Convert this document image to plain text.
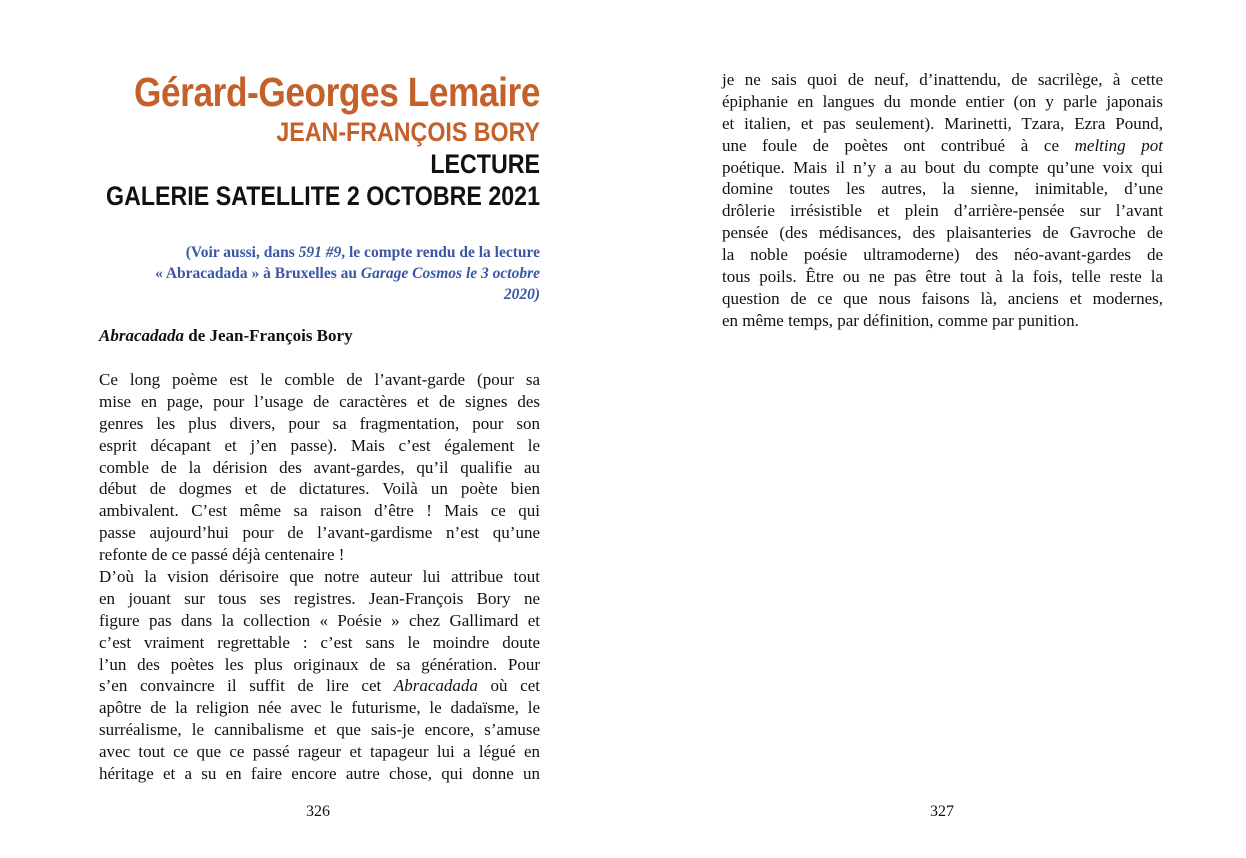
Gérard-Georges Lemaire
JEAN-FRANÇOIS BORY
LECTURE
GALERIE SATELLITE 2 OCTOBRE 2021
(Voir aussi, dans 591 #9, le compte rendu de la lecture
« Abracadada » à Bruxelles au Garage Cosmos le 3 octobre
2020)
Abracadada de Jean-François Bory
Ce long poème est le comble de l’avant-garde (pour sa
mise en page, pour l’usage de caractères et de signes des
genres les plus divers, pour sa fragmentation, pour son
esprit décapant et j’en passe). Mais c’est également le
comble de la dérision des avant-gardes, qu’il qualifie au
début de dogmes et de dictatures. Voilà un poète bien
ambivalent. C’est même sa raison d’être ! Mais ce qui
passe aujourd’hui pour de l’avant-gardisme n’est qu’une
refonte de ce passé déjà centenaire !
D’où la vision dérisoire que notre auteur lui attribue tout
en jouant sur tous ses registres. Jean-François Bory ne
figure pas dans la collection « Poésie » chez Gallimard et
c’est vraiment regrettable : c’est sans le moindre doute
l’un des poètes les plus originaux de sa génération. Pour
s’en convaincre il suffit de lire cet Abracadada où cet
apôtre de la religion née avec le futurisme, le dadaïsme, le
surréalisme, le cannibalisme et que sais-je encore, s’amuse
avec tout ce que ce passé rageur et tapageur lui a légué en
héritage et a su en faire encore autre chose, qui donne un
326
je ne sais quoi de neuf, d’inattendu, de sacrilège, à cette
épiphanie en langues du monde entier (on y parle japonais
et italien, et pas seulement). Marinetti, Tzara, Ezra Pound,
une foule de poètes ont contribué à ce melting pot
poétique. Mais il n’y a au bout du compte qu’une voix qui
domine toutes les autres, la sienne, inimitable, d’une
drôlerie irrésistible et plein d’arrière-pensée sur l’avant
pensée (des médisances, des plaisanteries de Gavroche de
la noble poésie ultramoderne) des néo-avant-gardes de
tous poils. Être ou ne pas être tout à la fois, telle reste la
question de ce que nous faisons là, anciens et modernes,
en même temps, par définition, comme par punition.
327
